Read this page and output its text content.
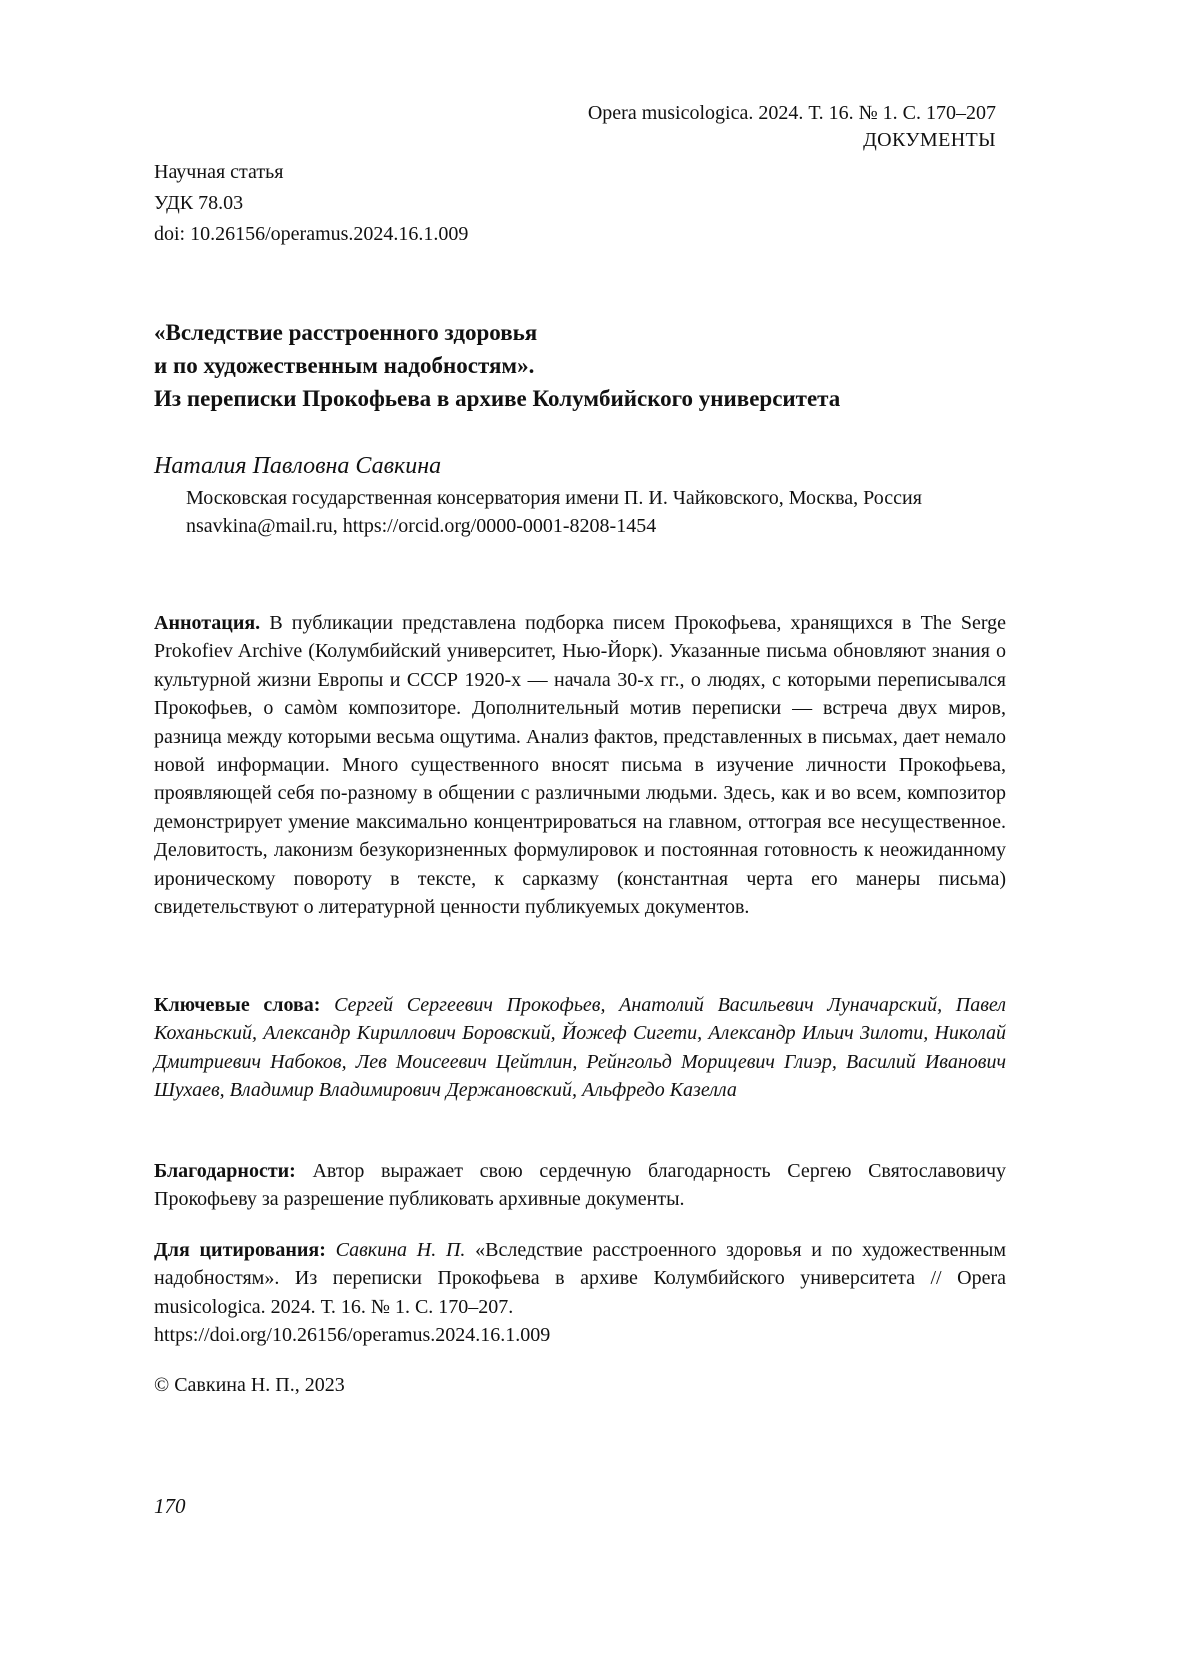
Opera musicologica. 2024. Т. 16. № 1. С. 170–207
ДОКУМЕНТЫ
Научная статья
УДК 78.03
doi: 10.26156/operamus.2024.16.1.009
«Вследствие расстроенного здоровья
и по художественным надобностям».
Из переписки Прокофьева в архиве Колумбийского университета
Наталия Павловна Савкина
Московская государственная консерватория имени П. И. Чайковского, Москва, Россия
nsavkina@mail.ru, https://orcid.org/0000-0001-8208-1454
Аннотация. В публикации представлена подборка писем Прокофьева, хранящихся в The Serge Prokofiev Archive (Колумбийский университет, Нью-Йорк). Указанные письма обновляют знания о культурной жизни Европы и СССР 1920-х — начала 30-х гг., о людях, с которыми переписывался Прокофьев, о самòм композиторе. Дополнительный мотив переписки — встреча двух миров, разница между которыми весьма ощутима. Анализ фактов, представленных в письмах, дает немало новой информации. Много существенного вносят письма в изучение личности Прокофьева, проявляющей себя по-разному в общении с различными людьми. Здесь, как и во всем, композитор демонстрирует умение максимально концентрироваться на главном, оттограя все несущественное. Деловитость, лаконизм безукоризненных формулировок и постоянная готовность к неожиданному ироническому повороту в тексте, к сарказму (константная черта его манеры письма) свидетельствуют о литературной ценности публикуемых документов.
Ключевые слова: Сергей Сергеевич Прокофьев, Анатолий Васильевич Луначарский, Павел Коханьский, Александр Кириллович Боровский, Йожеф Сигети, Александр Ильич Зилоти, Николай Дмитриевич Набоков, Лев Моисеевич Цейтлин, Рейнгольд Морицевич Глиэр, Василий Иванович Шухаев, Владимир Владимирович Держановский, Альфредо Казелла
Благодарности: Автор выражает свою сердечную благодарность Сергею Святославовичу Прокофьеву за разрешение публиковать архивные документы.
Для цитирования: Савкина Н. П. «Вследствие расстроенного здоровья и по художественным надобностям». Из переписки Прокофьева в архиве Колумбийского университета // Opera musicologica. 2024. Т. 16. № 1. С. 170–207.
https://doi.org/10.26156/operamus.2024.16.1.009
© Савкина Н. П., 2023
170
